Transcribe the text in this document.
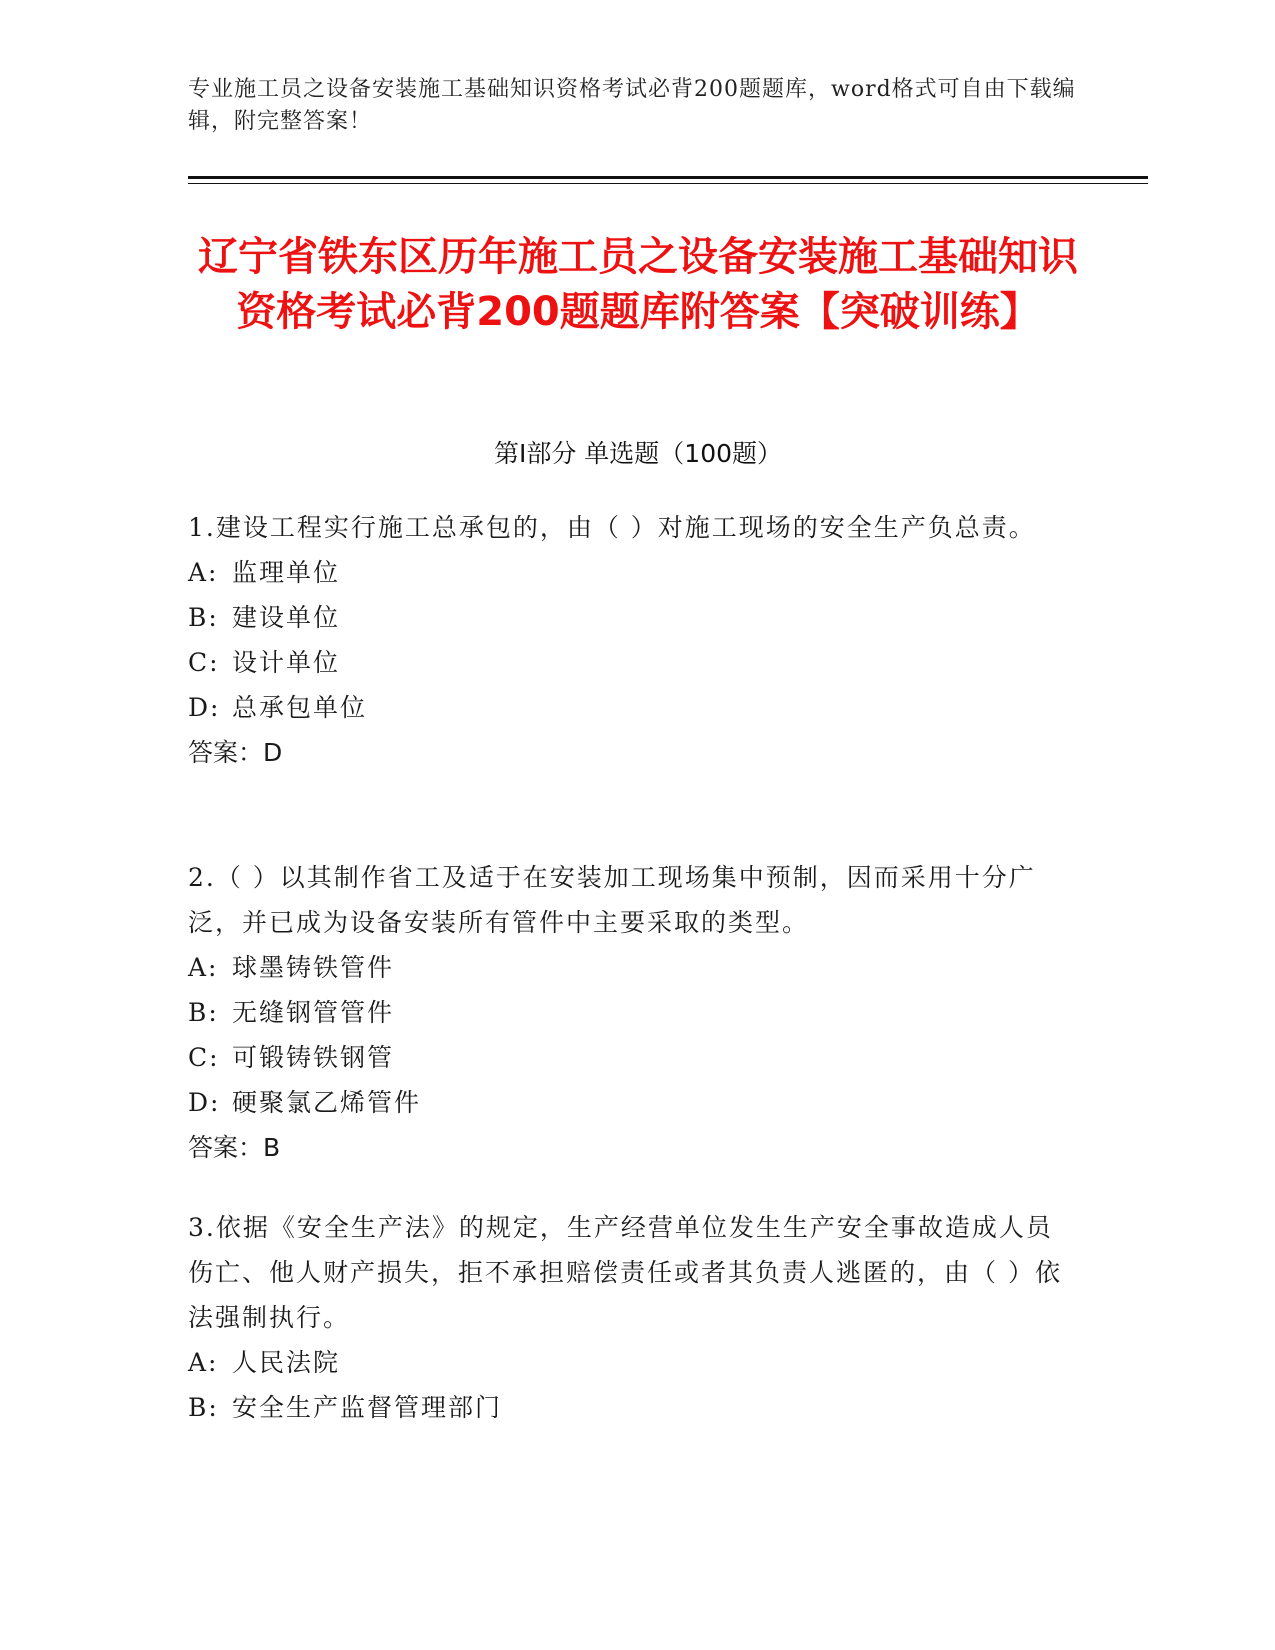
专业施工员之设备安装施工基础知识资格考试必背200题题库，word格式可自由下载编辑，附完整答案！
辽宁省铁东区历年施工员之设备安装施工基础知识资格考试必背200题题库附答案【突破训练】
第Ⅰ部分 单选题（100题）

1.建设工程实行施工总承包的，由（ ）对施工现场的安全生产负总责。

A: 监理单位

B: 建设单位

C: 设计单位

D: 总承包单位

答案：D

2.（ ）以其制作省工及适于在安装加工现场集中预制，因而采用十分广泛，并已成为设备安装所有管件中主要采取的类型。

A: 球墨铸铁管件

B: 无缝钢管管件

C: 可锻铸铁钢管

D: 硬聚氯乙烯管件

答案：B

3.依据《安全生产法》的规定，生产经营单位发生生产安全事故造成人员伤亡、他人财产损失，拒不承担赔偿责任或者其负责人逃匿的，由（ ）依法强制执行。

A: 人民法院

B: 安全生产监督管理部门
